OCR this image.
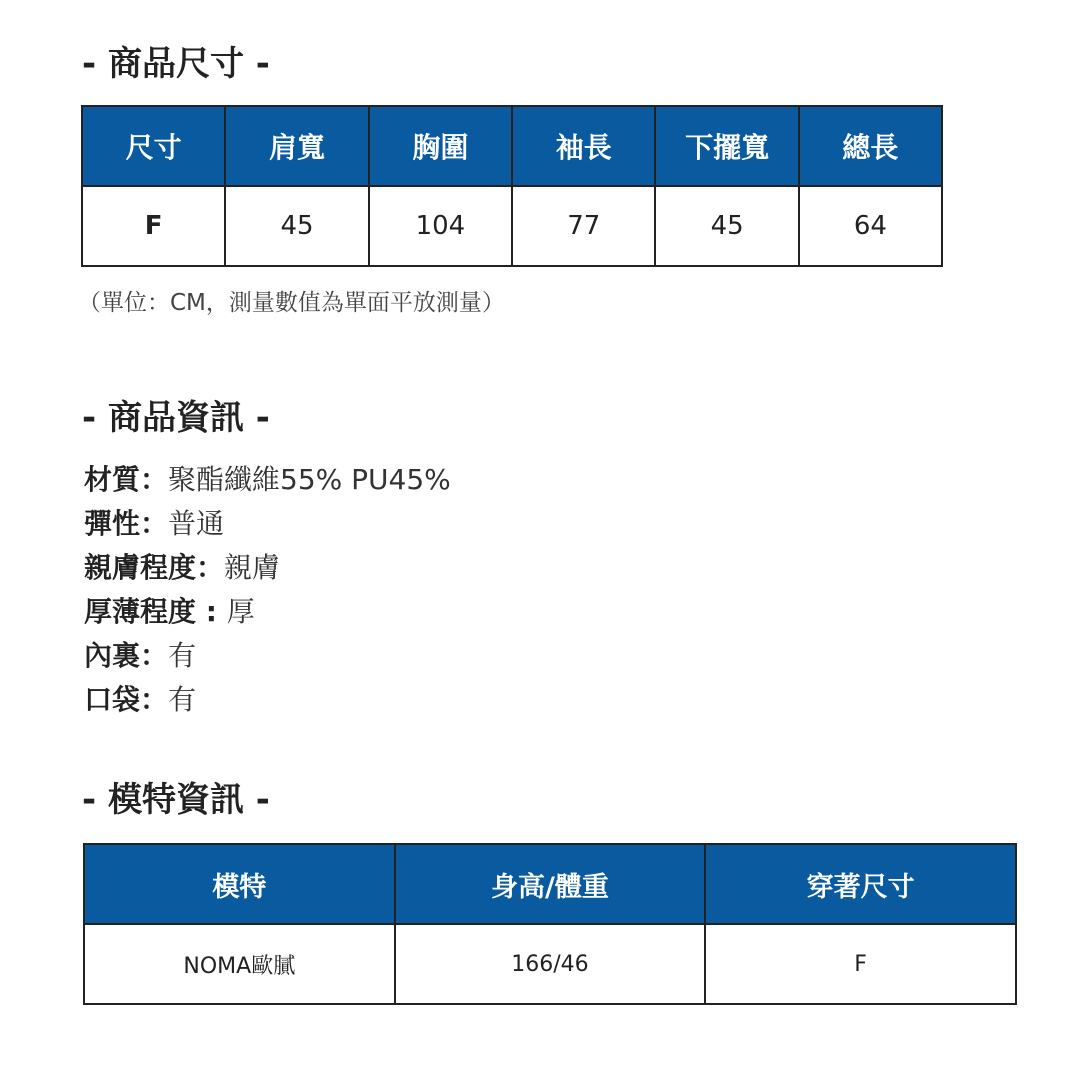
- 商品尺寸 -
尺寸	肩寬	胸圍	袖長	下擺寬	總長
F	45	104	77	45	64
（單位：CM，測量數值為單面平放測量）
- 商品資訊 -
材質：聚酯纖維55% PU45%
彈性：普通
親膚程度：親膚
厚薄程度 : 厚
內裏：有
口袋：有
- 模特資訊 -
模特	身高/體重	穿著尺寸
NOMA歐膩	166/46	F
